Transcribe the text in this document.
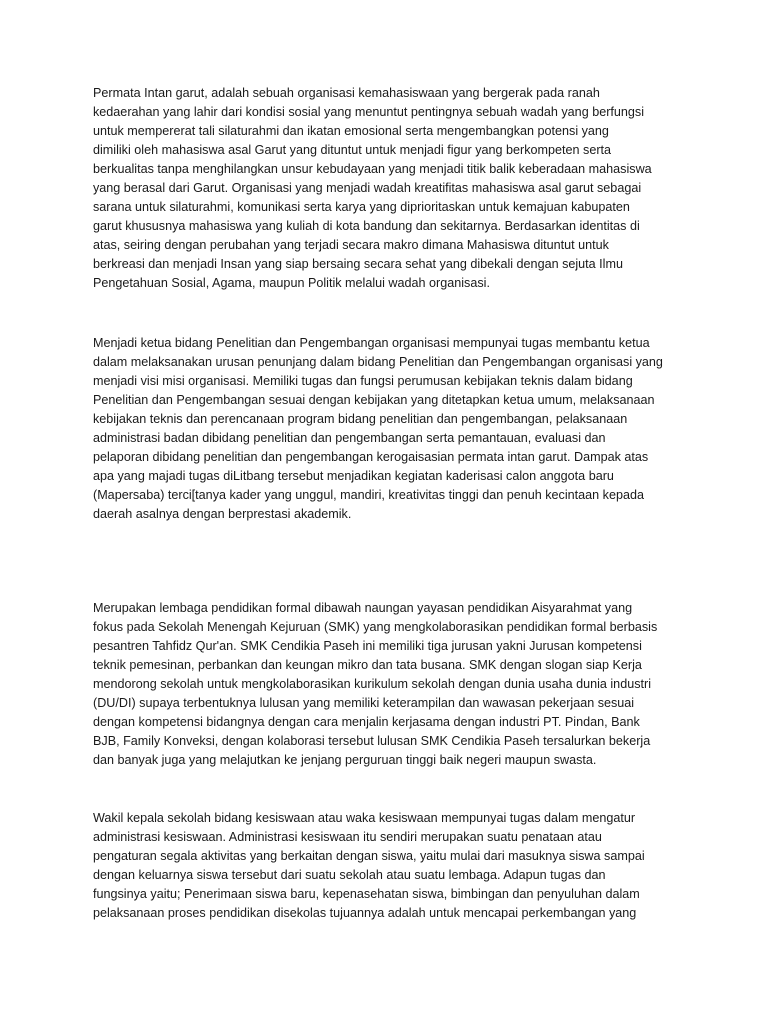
Permata Intan garut, adalah sebuah organisasi kemahasiswaan yang bergerak pada ranah
kedaerahan yang lahir dari kondisi sosial yang menuntut pentingnya sebuah wadah yang berfungsi
untuk mempererat tali silaturahmi dan ikatan emosional serta mengembangkan potensi yang
dimiliki oleh mahasiswa asal Garut yang dituntut untuk menjadi figur yang berkompeten serta
berkualitas tanpa menghilangkan unsur kebudayaan yang menjadi titik balik keberadaan mahasiswa
yang berasal dari Garut. Organisasi yang menjadi wadah kreatifitas mahasiswa asal garut sebagai
sarana untuk silaturahmi, komunikasi serta karya yang diprioritaskan untuk kemajuan kabupaten
garut khususnya mahasiswa yang kuliah di kota bandung dan sekitarnya. Berdasarkan identitas di
atas, seiring dengan perubahan yang terjadi secara makro dimana Mahasiswa dituntut untuk
berkreasi dan menjadi Insan yang siap bersaing secara sehat yang dibekali dengan sejuta Ilmu
Pengetahuan Sosial, Agama, maupun Politik melalui wadah organisasi.
Menjadi ketua bidang Penelitian dan Pengembangan organisasi mempunyai tugas membantu ketua
dalam melaksanakan urusan penunjang dalam bidang Penelitian dan Pengembangan organisasi yang
menjadi visi misi organisasi. Memiliki tugas dan fungsi perumusan kebijakan teknis dalam bidang
Penelitian dan Pengembangan sesuai dengan kebijakan yang ditetapkan ketua umum, melaksanaan
kebijakan teknis dan perencanaan program bidang penelitian dan pengembangan, pelaksanaan
administrasi badan dibidang penelitian dan pengembangan serta pemantauan, evaluasi dan
pelaporan dibidang penelitian dan pengembangan kerogaisasian permata intan garut. Dampak atas
apa yang majadi tugas diLitbang tersebut menjadikan kegiatan kaderisasi calon anggota baru
(Mapersaba) terci[tanya kader yang unggul, mandiri, kreativitas tinggi dan penuh kecintaan kepada
daerah asalnya dengan berprestasi akademik.
Merupakan lembaga pendidikan formal dibawah naungan yayasan pendidikan Aisyarahmat yang
fokus pada Sekolah Menengah Kejuruan (SMK) yang mengkolaborasikan pendidikan formal berbasis
pesantren Tahfidz Qur'an. SMK Cendikia Paseh ini memiliki tiga jurusan yakni Jurusan kompetensi
teknik pemesinan, perbankan dan keungan mikro dan tata busana. SMK dengan slogan siap Kerja
mendorong sekolah untuk mengkolaborasikan kurikulum sekolah dengan dunia usaha dunia industri
(DU/DI) supaya terbentuknya lulusan yang memiliki keterampilan dan wawasan pekerjaan sesuai
dengan kompetensi bidangnya dengan cara menjalin kerjasama dengan industri PT. Pindan, Bank
BJB, Family Konveksi, dengan kolaborasi tersebut lulusan SMK Cendikia Paseh tersalurkan bekerja
dan banyak juga yang melajutkan ke jenjang perguruan tinggi baik negeri maupun swasta.
Wakil kepala sekolah bidang kesiswaan atau waka kesiswaan mempunyai tugas dalam mengatur
administrasi kesiswaan. Administrasi kesiswaan itu sendiri merupakan suatu penataan atau
pengaturan segala aktivitas yang berkaitan dengan siswa, yaitu mulai dari masuknya siswa sampai
dengan keluarnya siswa tersebut dari suatu sekolah atau suatu lembaga. Adapun tugas dan
fungsinya yaitu; Penerimaan siswa baru, kepenasehatan siswa, bimbingan dan penyuluhan dalam
pelaksanaan proses pendidikan disekolas tujuannya adalah untuk mencapai perkembangan yang
